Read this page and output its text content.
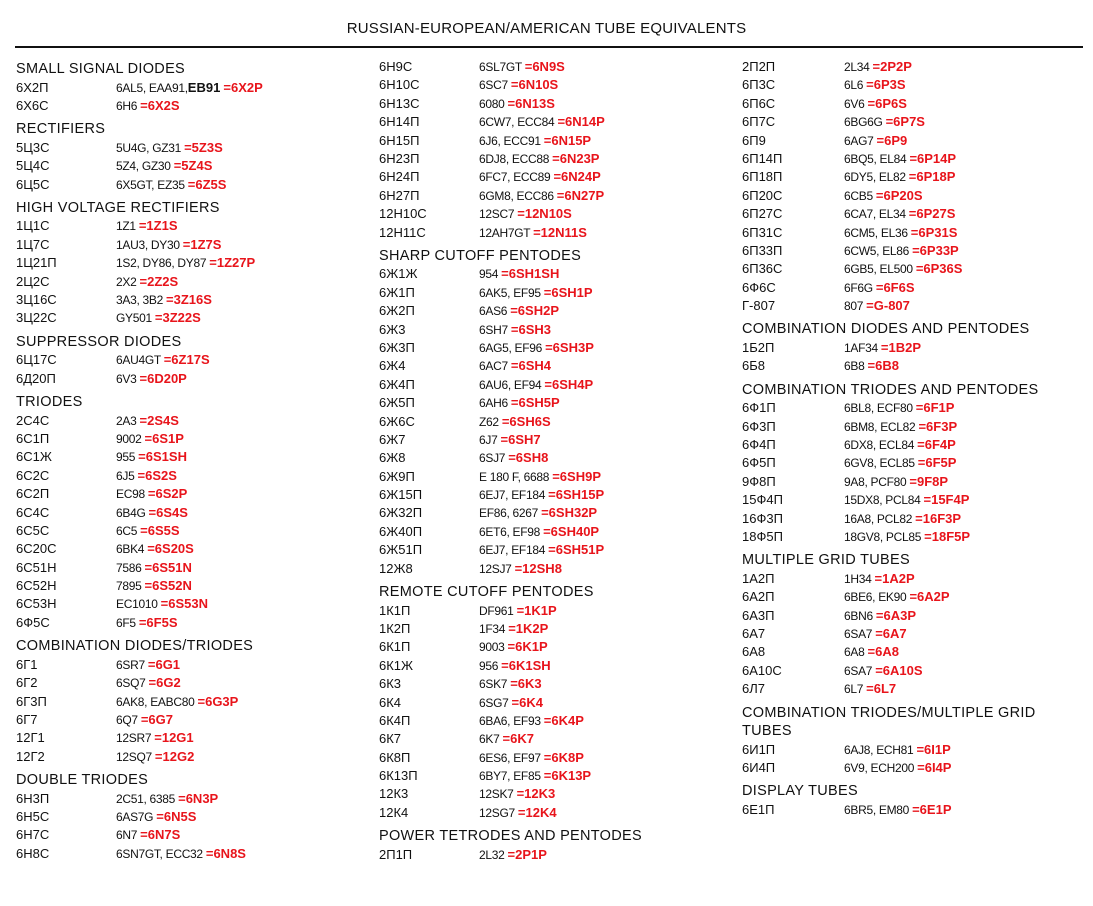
RUSSIAN-EUROPEAN/AMERICAN TUBE EQUIVALENTS
SMALL SIGNAL DIODES
6Х2П	6AL5, EAA91,EB91 =6X2P
6Х6С	6H6 =6X2S
RECTIFIERS
5Ц3С	5U4G, GZ31 =5Z3S
5Ц4С	5Z4, GZ30 =5Z4S
6Ц5С	6X5GT, EZ35 =6Z5S
HIGH VOLTAGE RECTIFIERS
1Ц1С	1Z1 =1Z1S
1Ц7С	1AU3, DY30 =1Z7S
1Ц21П	1S2, DY86, DY87 =1Z27P
2Ц2С	2X2 =2Z2S
3Ц16С	3A3, 3B2 =3Z16S
3Ц22С	GY501 =3Z22S
SUPPRESSOR DIODES
6Ц17С	6AU4GT =6Z17S
6Д20П	6V3 =6D20P
TRIODES
2С4С	2A3 =2S4S
6С1П	9002 =6S1P
6С1Ж	955 =6S1SH
6С2С	6J5 =6S2S
6С2П	EC98 =6S2P
6С4С	6B4G =6S4S
6С5С	6C5 =6S5S
6С20С	6BK4 =6S20S
6С51Н	7586 =6S51N
6С52Н	7895 =6S52N
6С53Н	EC1010 =6S53N
6Ф5С	6F5 =6F5S
COMBINATION DIODES/TRIODES
6Г1	6SR7 =6G1
6Г2	6SQ7 =6G2
6Г3П	6AK8, EABC80 =6G3P
6Г7	6Q7 =6G7
12Г1	12SR7 =12G1
12Г2	12SQ7 =12G2
DOUBLE TRIODES
6Н3П	2C51, 6385 =6N3P
6Н5С	6AS7G =6N5S
6Н7С	6N7 =6N7S
6Н8С	6SN7GT, ECC32 =6N8S
6Н9С	6SL7GT =6N9S
6Н10С	6SC7 =6N10S
6Н13С	6080 =6N13S
6Н14П	6CW7, ECC84 =6N14P
6Н15П	6J6, ECC91 =6N15P
6Н23П	6DJ8, ECC88 =6N23P
6Н24П	6FC7, ECC89 =6N24P
6Н27П	6GM8, ECC86 =6N27P
12Н10С	12SC7 =12N10S
12Н11С	12AH7GT =12N11S
SHARP CUTOFF PENTODES
6Ж1Ж	954 =6SH1SH
6Ж1П	6AK5, EF95 =6SH1P
6Ж2П	6AS6 =6SH2P
6Ж3	6SH7 =6SH3
6Ж3П	6AG5, EF96 =6SH3P
6Ж4	6AC7 =6SH4
6Ж4П	6AU6, EF94 =6SH4P
6Ж5П	6AH6 =6SH5P
6Ж6С	Z62 =6SH6S
6Ж7	6J7 =6SH7
6Ж8	6SJ7 =6SH8
6Ж9П	E 180 F, 6688 =6SH9P
6Ж15П	6EJ7, EF184 =6SH15P
6Ж32П	EF86, 6267 =6SH32P
6Ж40П	6ET6, EF98 =6SH40P
6Ж51П	6EJ7, EF184 =6SH51P
12Ж8	12SJ7 =12SH8
REMOTE CUTOFF PENTODES
1К1П	DF961 =1K1P
1К2П	1F34 =1K2P
6К1П	9003 =6K1P
6К1Ж	956 =6K1SH
6К3	6SK7 =6K3
6К4	6SG7 =6K4
6К4П	6BA6, EF93 =6K4P
6К7	6K7 =6K7
6К8П	6ES6, EF97 =6K8P
6К13П	6BY7, EF85 =6K13P
12К3	12SK7 =12K3
12К4	12SG7 =12K4
POWER TETRODES AND PENTODES
2П1П	2L32 =2P1P
2П2П	2L34 =2P2P
6П3С	6L6 =6P3S
6П6С	6V6 =6P6S
6П7С	6BG6G =6P7S
6П9	6AG7 =6P9
6П14П	6BQ5, EL84 =6P14P
6П18П	6DY5, EL82 =6P18P
6П20С	6CB5 =6P20S
6П27С	6CA7, EL34 =6P27S
6П31С	6CM5, EL36 =6P31S
6П33П	6CW5, EL86 =6P33P
6П36С	6GB5, EL500 =6P36S
6Ф6С	6F6G =6F6S
Г-807	807 =G-807
COMBINATION DIODES AND PENTODES
1Б2П	1AF34 =1B2P
6Б8	6B8 =6B8
COMBINATION TRIODES AND PENTODES
6Ф1П	6BL8, ECF80 =6F1P
6Ф3П	6BM8, ECL82 =6F3P
6Ф4П	6DX8, ECL84 =6F4P
6Ф5П	6GV8, ECL85 =6F5P
9Ф8П	9A8, PCF80 =9F8P
15Ф4П	15DX8, PCL84 =15F4P
16Ф3П	16A8, PCL82 =16F3P
18Ф5П	18GV8, PCL85 =18F5P
MULTIPLE GRID TUBES
1А2П	1H34 =1A2P
6А2П	6BE6, EK90 =6A2P
6А3П	6BN6 =6A3P
6А7	6SA7 =6A7
6А8	6A8 =6A8
6А10С	6SA7 =6A10S
6Л7	6L7 =6L7
COMBINATION TRIODES/MULTIPLE GRID TUBES
6И1П	6AJ8, ECH81 =6I1P
6И4П	6V9, ECH200 =6I4P
DISPLAY TUBES
6Е1П	6BR5, EM80 =6E1P
